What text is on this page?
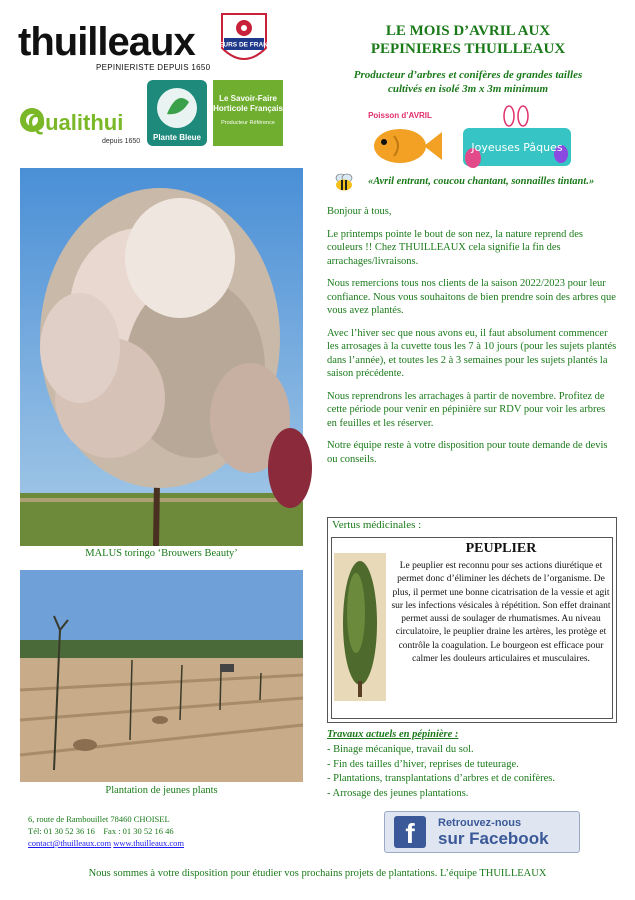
thuilleaux
PEPINIERISTE DEPUIS 1650
FLEURS DE FRANCE
Qualithui
depuis 1650 Plante Bleue
Le Savoir-Faire Horticole Français
Producteur Référence
LE MOIS D’AVRIL AUX
PEPINIERES THUILLEAUX
Producteur d’arbres et conifères de grandes tailles
cultivés en isolé 3m x 3m minimum
Poisson d’AVRIL
Joyeuses Pâques
«Avril entrant, coucou chantant, sonnailles tintant.»

Bonjour à tous,

Le printemps pointe le bout de son nez, la nature reprend des couleurs !! Chez THUILLEAUX cela signifie la fin des arrachages/livraisons.

Nous remercions tous nos clients de la saison 2022/2023 pour leur confiance. Nous vous souhaitons de bien prendre soin des arbres que vous avez plantés.

Avec l’hiver sec que nous avons eu, il faut absolument commencer les arrosages à la cuvette tous les 7 à 10 jours (pour les sujets plantés dans l’année), et toutes les 2 à 3 semaines pour les sujets plantés la saison précédente.

Nous reprendrons les arrachages à partir de novembre. Profitez de cette période pour venir en pépinière sur RDV pour voir les arbres en feuilles et les réserver.

Notre équipe reste à votre disposition pour toute demande de devis ou conseils.

MALUS toringo ‘Brouwers Beauty’
Plantation de jeunes plants
Vertus médicinales :
PEUPLIER
Le peuplier est reconnu pour ses actions diurétique et permet donc d’éliminer les déchets de l’organisme. De plus, il permet une bonne cicatrisation de la vessie et agit sur les infections vésicales à répétition. Son effet drainant permet aussi de soulager de rhumatismes. Au niveau circulatoire, le peuplier draine les artères, les protège et contrôle la coagulation. Le bourgeon est efficace pour calmer les douleurs articulaires et musculaires.
Travaux actuels en pépinière :
- Binage mécanique, travail du sol.
- Fin des tailles d’hiver, reprises de tuteurage.
- Plantations, transplantations d’arbres et de conifères.
- Arrosage des jeunes plantations.
6, route de Rambouillet 78460 CHOISEL
Tél: 01 30 52 36 16    Fax : 01 30 52 16 46
contact@thuilleaux.com www.thuilleaux.com	f	Retrouvez-nous
sur Facebook
Nous sommes à votre disposition pour étudier vos prochains projets de plantations. L’équipe THUILLEAUX
